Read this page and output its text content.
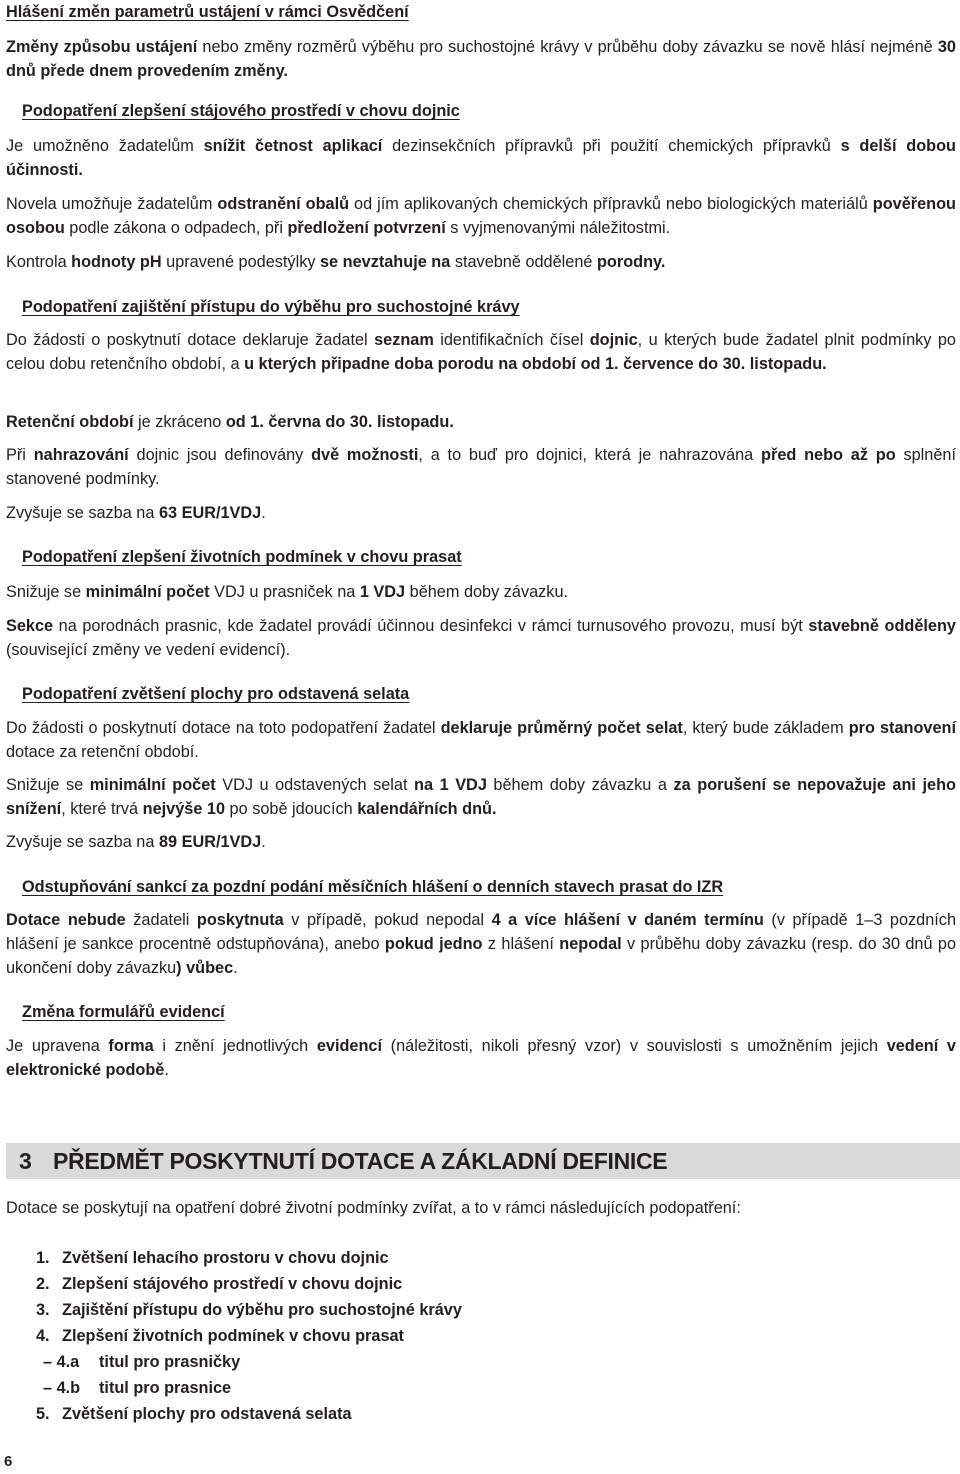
Hlášení změn parametrů ustájení v rámci Osvědčení

Změny způsobu ustájení nebo změny rozměrů výběhu pro suchostojné krávy v průběhu doby závazku se nově hlásí nejméně 30 dnů přede dnem provedením změny.

Podopatření zlepšení stájového prostředí v chovu dojnic

Je umožněno žadatelům snížit četnost aplikací dezinsekčních přípravků při použití chemických přípravků s delší dobou účinnosti.

Novela umožňuje žadatelům odstranění obalů od jím aplikovaných chemických přípravků nebo biologických materiálů pověřenou osobou podle zákona o odpadech, při předložení potvrzení s vyjmenovanými náležitostmi.

Kontrola hodnoty pH upravené podestýlky se nevztahuje na stavebně oddělené porodny.

Podopatření zajištění přístupu do výběhu pro suchostojné krávy

Do žádosti o poskytnutí dotace deklaruje žadatel seznam identifikačních čísel dojnic, u kterých bude žadatel plnit podmínky po celou dobu retenčního období, a u kterých připadne doba porodu na období od 1. července do 30. listopadu.

Retenční období je zkráceno od 1. června do 30. listopadu.

Při nahrazování dojnic jsou definovány dvě možnosti, a to buď pro dojnici, která je nahrazována před nebo až po splnění stanovené podmínky.

Zvyšuje se sazba na 63 EUR/1VDJ.

Podopatření zlepšení životních podmínek v chovu prasat

Snižuje se minimální počet VDJ u prasniček na 1 VDJ během doby závazku.

Sekce na porodnách prasnic, kde žadatel provádí účinnou desinfekci v rámci turnusového provozu, musí být stavebně odděleny (související změny ve vedení evidencí).

Podopatření zvětšení plochy pro odstavená selata

Do žádosti o poskytnutí dotace na toto podopatření žadatel deklaruje průměrný počet selat, který bude základem pro stanovení dotace za retenční období.

Snižuje se minimální počet VDJ u odstavených selat na 1 VDJ během doby závazku a za porušení se nepovažuje ani jeho snížení, které trvá nejvýše 10 po sobě jdoucích kalendářních dnů.

Zvyšuje se sazba na 89 EUR/1VDJ.

Odstupňování sankcí za pozdní podání měsíčních hlášení o denních stavech prasat do IZR

Dotace nebude žadateli poskytnuta v případě, pokud nepodal 4 a více hlášení v daném termínu (v případě 1–3 pozdních hlášení je sankce procentně odstupňována), anebo pokud jedno z hlášení nepodal v průběhu doby závazku (resp. do 30 dnů po ukončení doby závazku) vůbec.

Změna formulářů evidencí

Je upravena forma i znění jednotlivých evidencí (náležitosti, nikoli přesný vzor) v souvislosti s umožněním jejich vedení v elektronické podobě.

3 PŘEDMĚT POSKYTNUTÍ DOTACE A ZÁKLADNÍ DEFINICE

Dotace se poskytují na opatření dobré životní podmínky zvířat, a to v rámci následujících podopatření:

1. Zvětšení lehacího prostoru v chovu dojnic
2. Zlepšení stájového prostředí v chovu dojnic
3. Zajištění přístupu do výběhu pro suchostojné krávy
4. Zlepšení životních podmínek v chovu prasat
– 4.a titul pro prasničky
– 4.b titul pro prasnice
5. Zvětšení plochy pro odstavená selata
6
